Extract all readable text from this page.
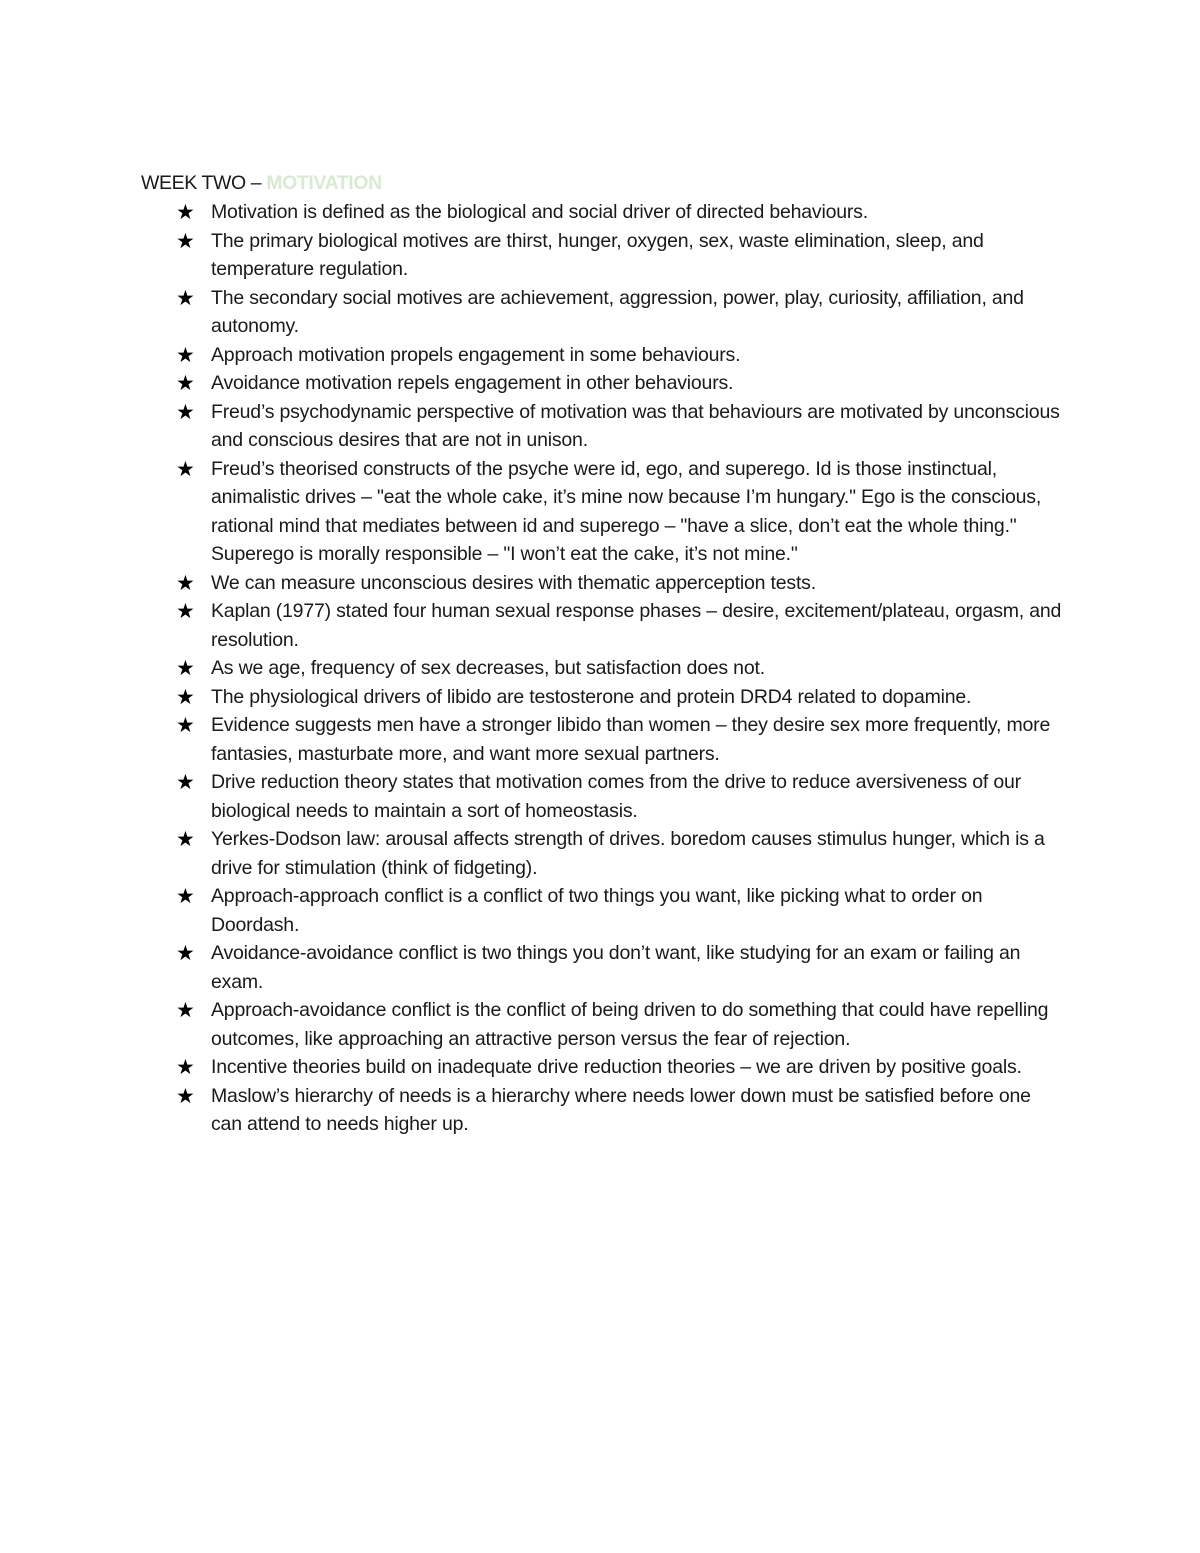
WEEK TWO – MOTIVATION
★ Motivation is defined as the biological and social driver of directed behaviours.
★ The primary biological motives are thirst, hunger, oxygen, sex, waste elimination, sleep, and temperature regulation.
★ The secondary social motives are achievement, aggression, power, play, curiosity, affiliation, and autonomy.
★ Approach motivation propels engagement in some behaviours.
★ Avoidance motivation repels engagement in other behaviours.
★ Freud’s psychodynamic perspective of motivation was that behaviours are motivated by unconscious and conscious desires that are not in unison.
★ Freud’s theorised constructs of the psyche were id, ego, and superego. Id is those instinctual, animalistic drives – "eat the whole cake, it’s mine now because I’m hungary." Ego is the conscious, rational mind that mediates between id and superego – "have a slice, don’t eat the whole thing." Superego is morally responsible – "I won’t eat the cake, it’s not mine."
★ We can measure unconscious desires with thematic apperception tests.
★ Kaplan (1977) stated four human sexual response phases – desire, excitement/plateau, orgasm, and resolution.
★ As we age, frequency of sex decreases, but satisfaction does not.
★ The physiological drivers of libido are testosterone and protein DRD4 related to dopamine.
★ Evidence suggests men have a stronger libido than women – they desire sex more frequently, more fantasies, masturbate more, and want more sexual partners.
★ Drive reduction theory states that motivation comes from the drive to reduce aversiveness of our biological needs to maintain a sort of homeostasis.
★ Yerkes-Dodson law: arousal affects strength of drives. boredom causes stimulus hunger, which is a drive for stimulation (think of fidgeting).
★ Approach-approach conflict is a conflict of two things you want, like picking what to order on Doordash.
★ Avoidance-avoidance conflict is two things you don’t want, like studying for an exam or failing an exam.
★ Approach-avoidance conflict is the conflict of being driven to do something that could have repelling outcomes, like approaching an attractive person versus the fear of rejection.
★ Incentive theories build on inadequate drive reduction theories – we are driven by positive goals.
★ Maslow’s hierarchy of needs is a hierarchy where needs lower down must be satisfied before one can attend to needs higher up.
